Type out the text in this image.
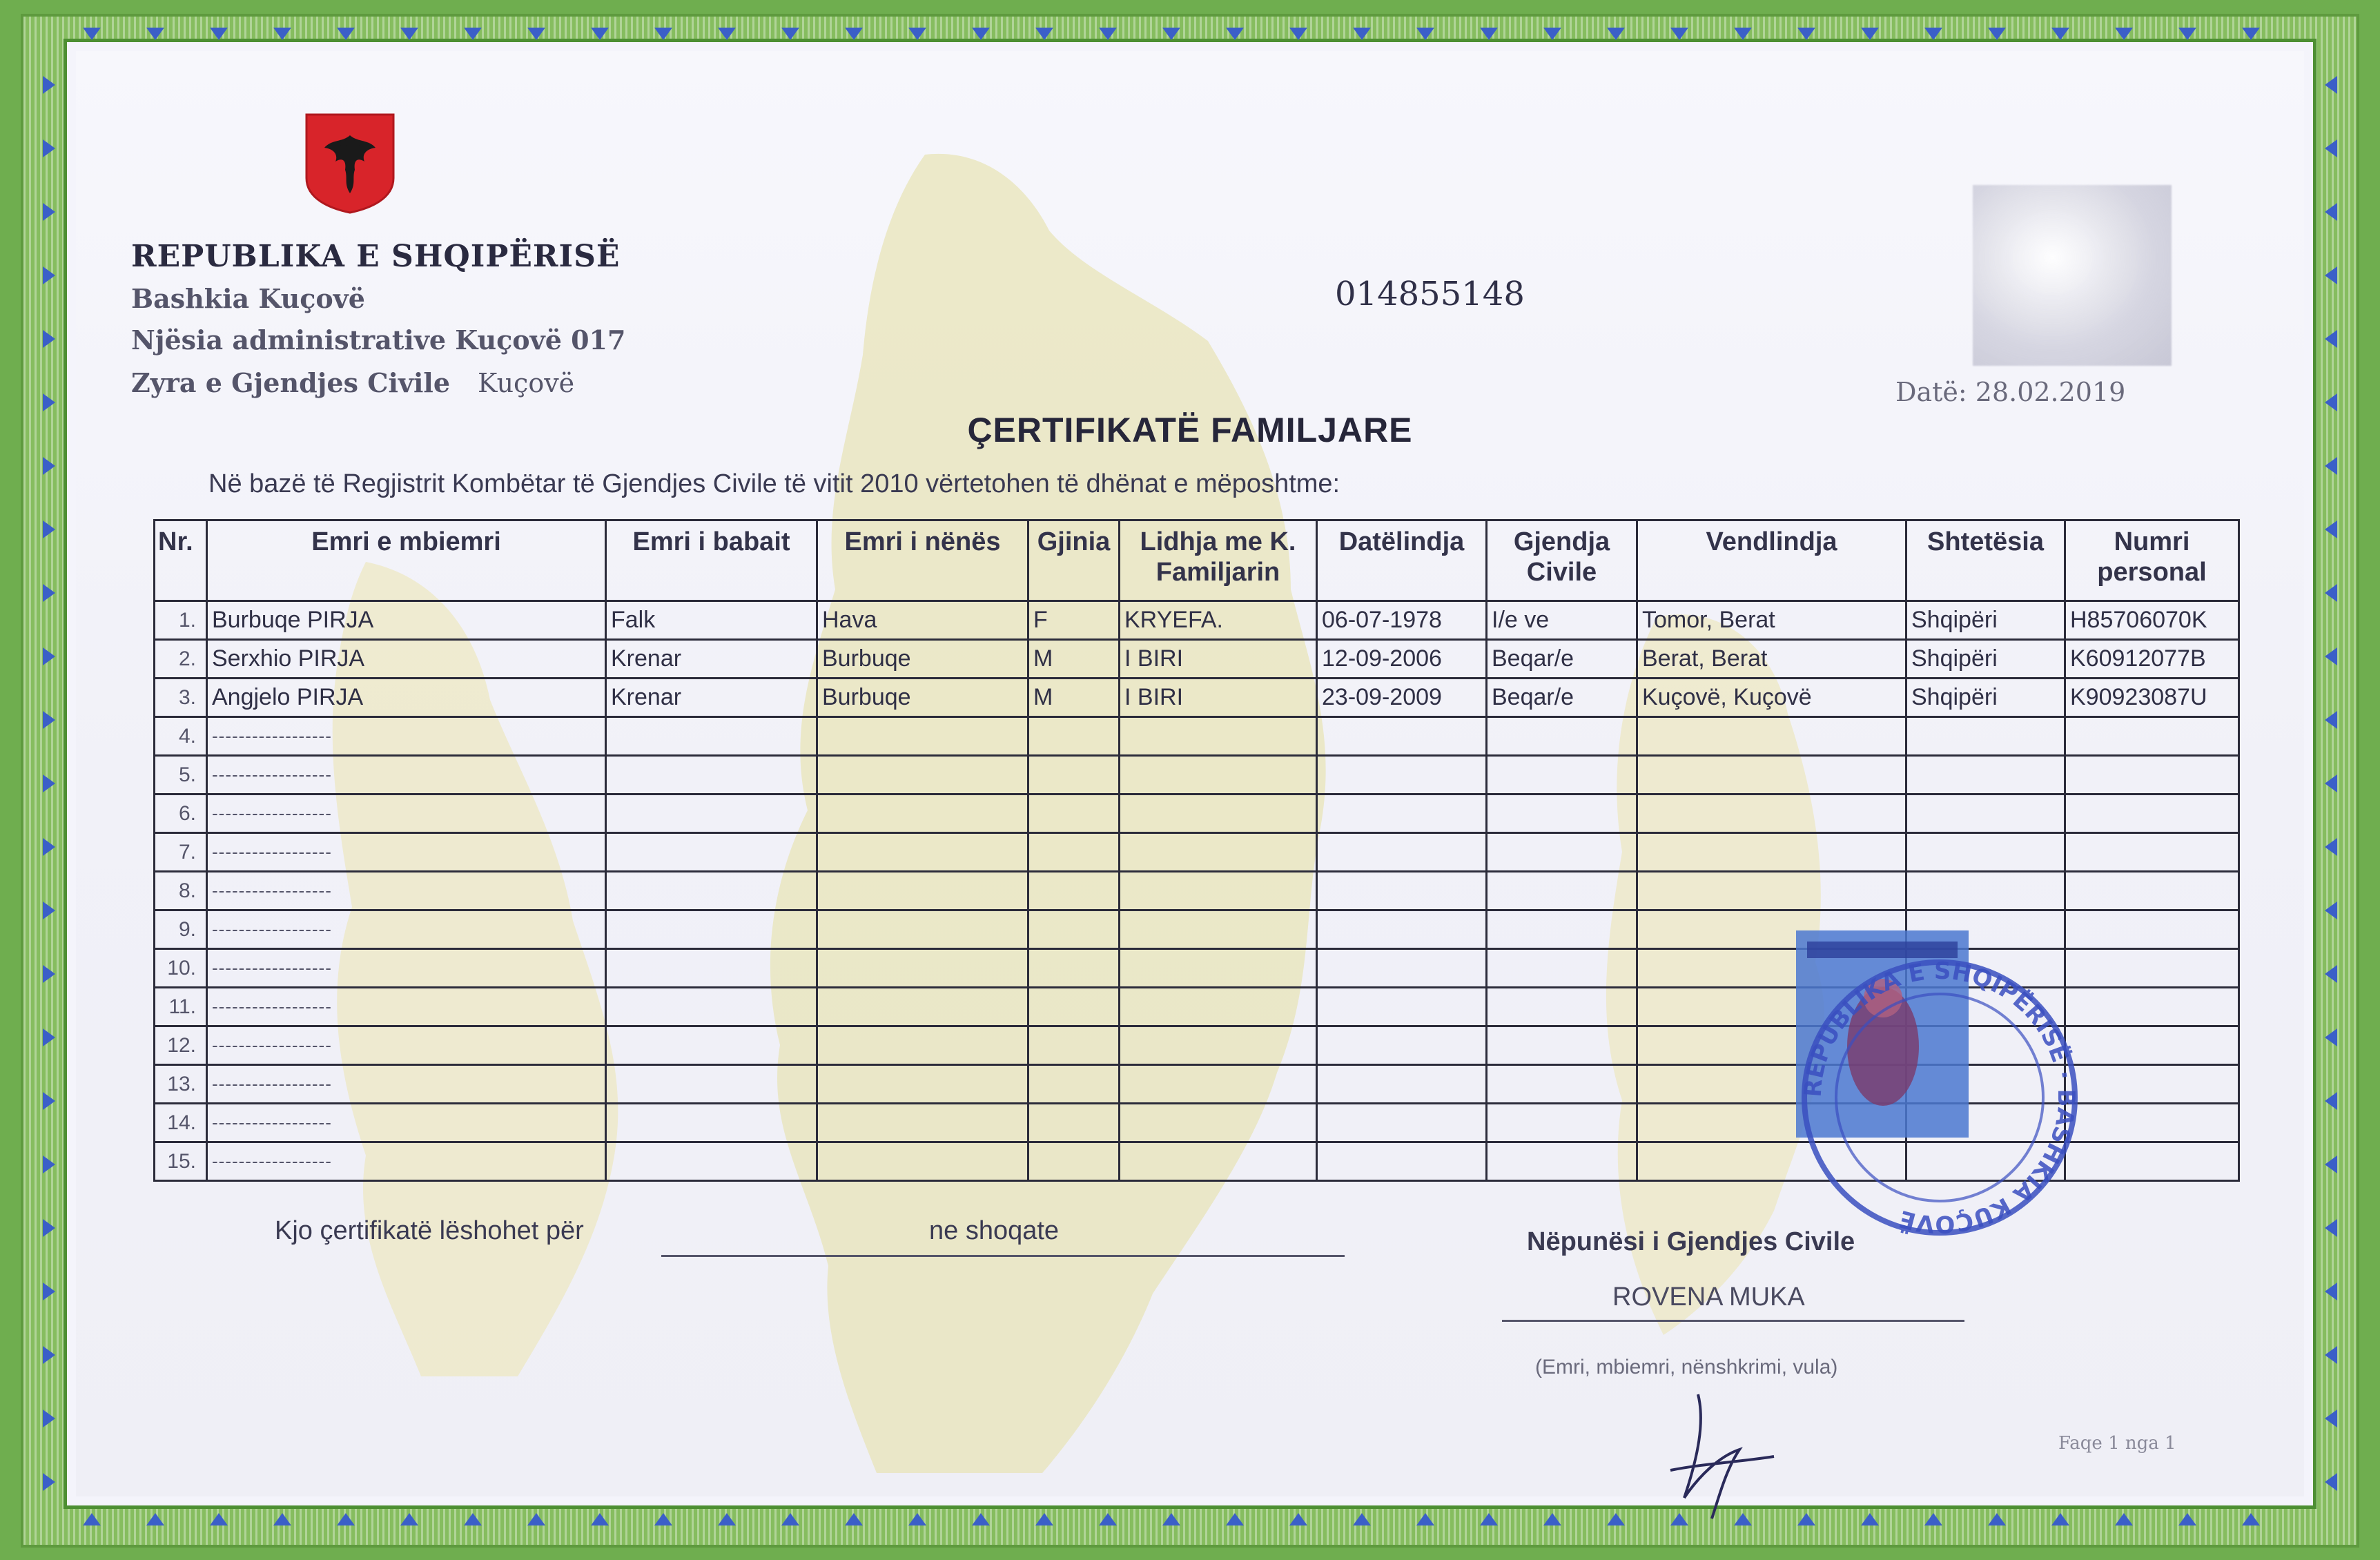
REPUBLIKA E SHQIPËRISË
Bashkia Kuçovë
Njësia administrative Kuçovë 017
Zyra e Gjendjes Civile Kuçovë
014855148
Datë: 28.02.2019
ÇERTIFIKATË FAMILJARE
Në bazë të Regjistrit Kombëtar të Gjendjes Civile të vitit 2010 vërtetohen të dhënat e mëposhtme:
Nr.	Emri e mbiemri	Emri i babait	Emri i nënës	Gjinia	Lidhja me K.
Familjarin	Datëlindja	Gjendja
Civile	Vendlindja	Shtetësia	Numri
personal
1.	Burbuqe PIRJA	Falk	Hava	F	KRYEFA.	06-07-1978	I/e ve	Tomor, Berat	Shqipëri	H85706070K
2.	Serxhio PIRJA	Krenar	Burbuqe	M	I BIRI	12-09-2006	Beqar/e	Berat, Berat	Shqipëri	K60912077B
3.	Angjelo PIRJA	Krenar	Burbuqe	M	I BIRI	23-09-2009	Beqar/e	Kuçovë, Kuçovë	Shqipëri	K90923087U
4.	------------------									
5.	------------------									
6.	------------------									
7.	------------------									
8.	------------------									
9.	------------------									
10.	------------------									
11.	------------------									
12.	------------------									
13.	------------------									
14.	------------------									
15.	------------------									
Kjo çertifikatë lëshohet për	ne shoqate	Nëpunësi i Gjendjes Civile
ROVENA MUKA
(Emri, mbiemri, nënshkrimi, vula)
REPUBLIKA E SHQIPËRISË · BASHKIA KUÇOVË
Faqe 1 nga 1
